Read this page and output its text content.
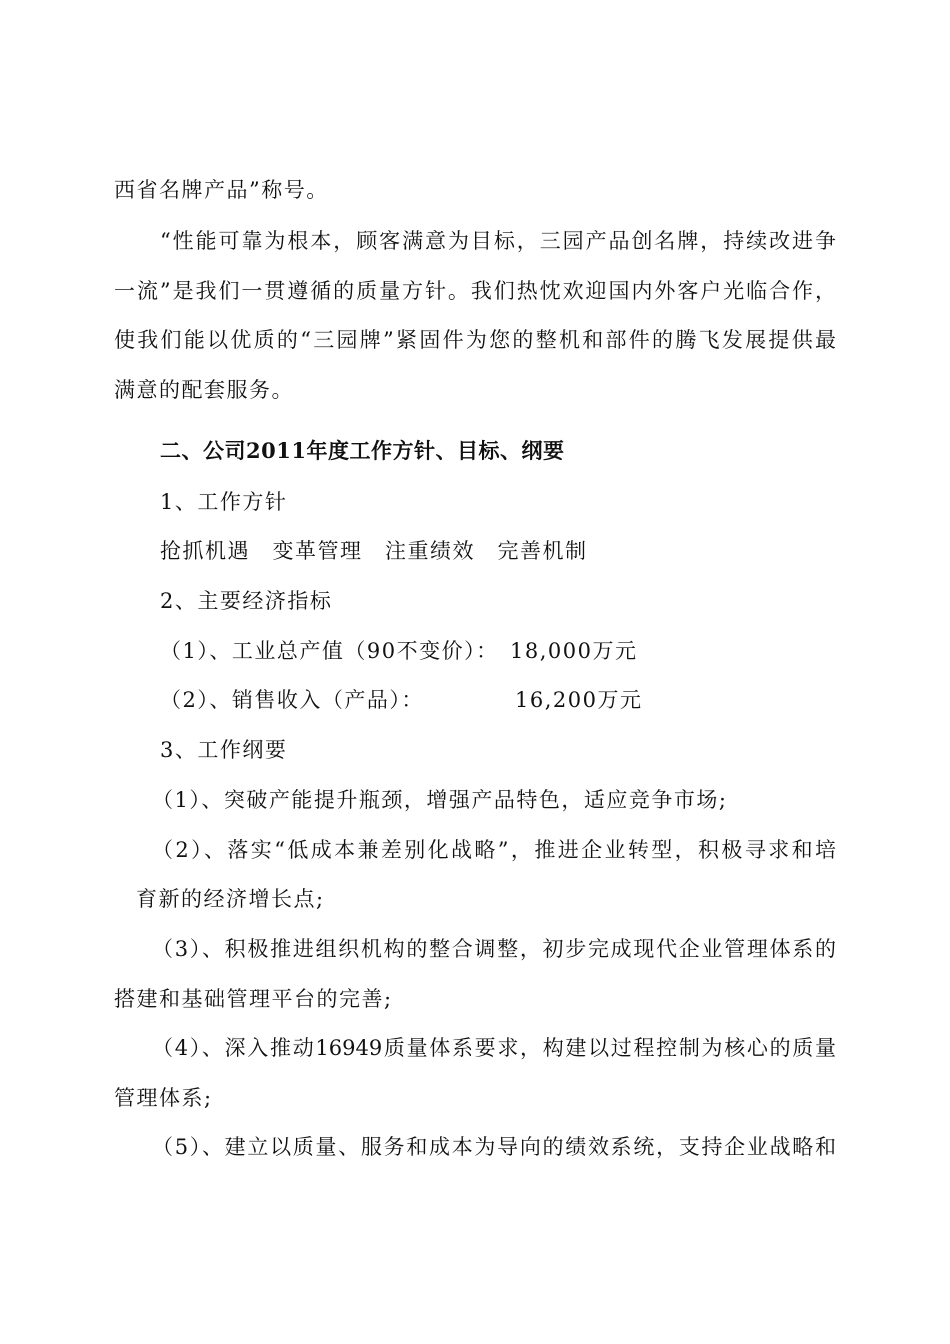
西省名牌产品”称号。
“性能可靠为根本，顾客满意为目标，三园产品创名牌，持续改进争
一流”是我们一贯遵循的质量方针。我们热忱欢迎国内外客户光临合作，
使我们能以优质的“三园牌”紧固件为您的整机和部件的腾飞发展提供最
满意的配套服务。
二、公司2011年度工作方针、目标、纲要
1、工作方针
抢抓机遇　变革管理　注重绩效　完善机制
2、主要经济指标
（1）、工业总产值（90不变价）： 18,000万元
（2）、销售收入（产品）：	16,200万元
3、工作纲要
（1）、突破产能提升瓶颈，增强产品特色，适应竞争市场;
（2）、落实“低成本兼差别化战略”，推进企业转型，积极寻求和培
育新的经济增长点;
（3）、积极推进组织机构的整合调整，初步完成现代企业管理体系的
搭建和基础管理平台的完善;
（4）、深入推动16949质量体系要求，构建以过程控制为核心的质量
管理体系;
（5）、建立以质量、服务和成本为导向的绩效系统，支持企业战略和
